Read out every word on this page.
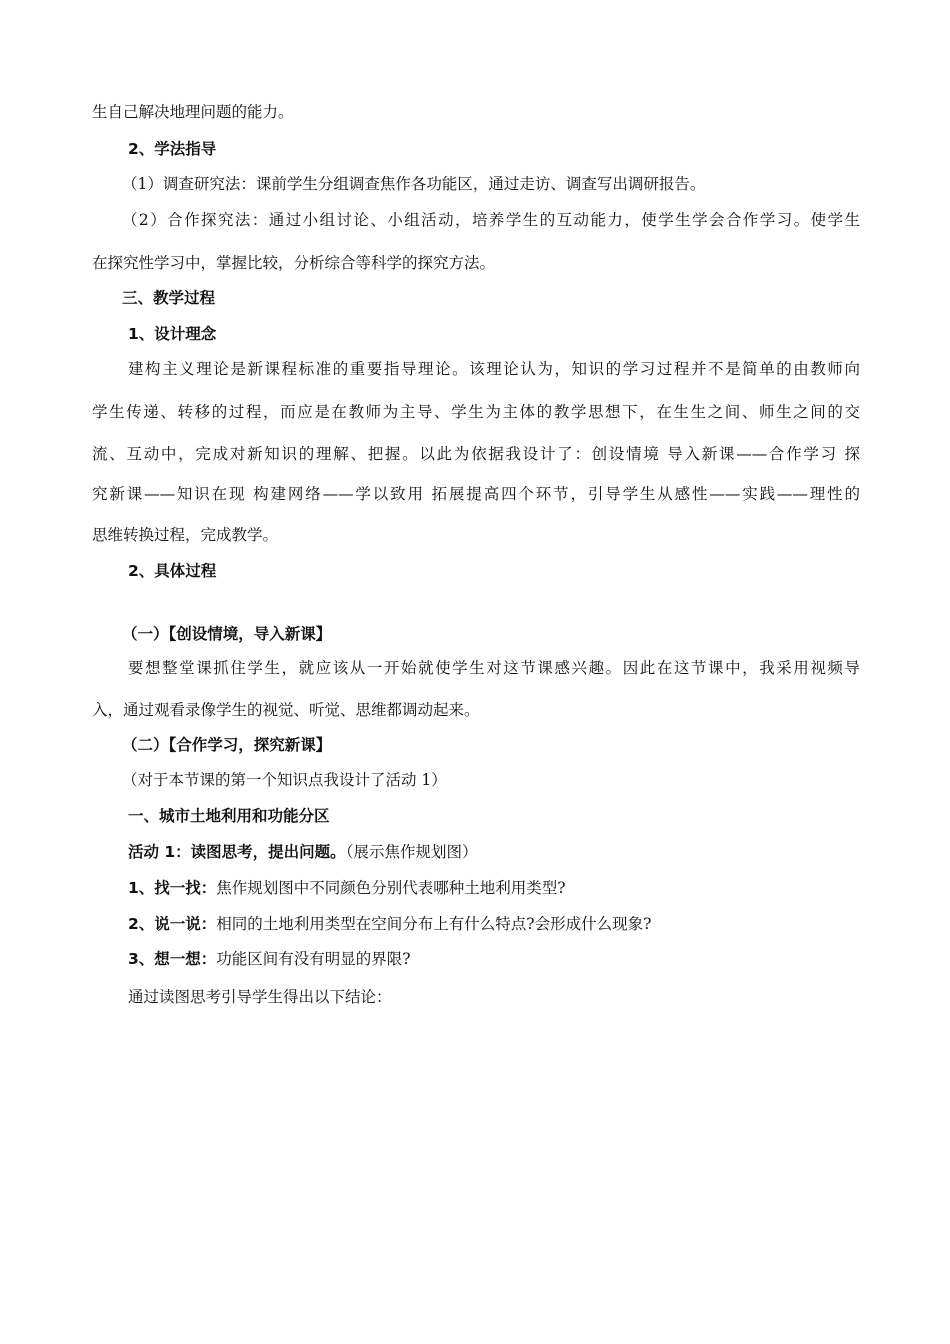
生自己解决地理问题的能力。
2、学法指导
（1）调查研究法：课前学生分组调查焦作各功能区，通过走访、调查写出调研报告。
（2）合作探究法：通过小组讨论、小组活动，培养学生的互动能力，使学生学会合作学习。使学生
在探究性学习中，掌握比较，分析综合等科学的探究方法。
三、教学过程
1、设计理念
建构主义理论是新课程标准的重要指导理论。该理论认为，知识的学习过程并不是简单的由教师向
学生传递、转移的过程，而应是在教师为主导、学生为主体的教学思想下，在生生之间、师生之间的交
流、互动中，完成对新知识的理解、把握。以此为依据我设计了：创设情境 导入新课——合作学习 探
究新课——知识在现 构建网络——学以致用 拓展提高四个环节，引导学生从感性——实践——理性的
思维转换过程，完成教学。
2、具体过程
（一）【创设情境，导入新课】
要想整堂课抓住学生，就应该从一开始就使学生对这节课感兴趣。因此在这节课中，我采用视频导
入，通过观看录像学生的视觉、听觉、思维都调动起来。
（二）【合作学习，探究新课】
（对于本节课的第一个知识点我设计了活动 1）
一、城市土地利用和功能分区
活动 1：读图思考，提出问题。（展示焦作规划图）
1、找一找：焦作规划图中不同颜色分别代表哪种土地利用类型?
2、说一说：相同的土地利用类型在空间分布上有什么特点?会形成什么现象?
3、想一想：功能区间有没有明显的界限?
通过读图思考引导学生得出以下结论：
